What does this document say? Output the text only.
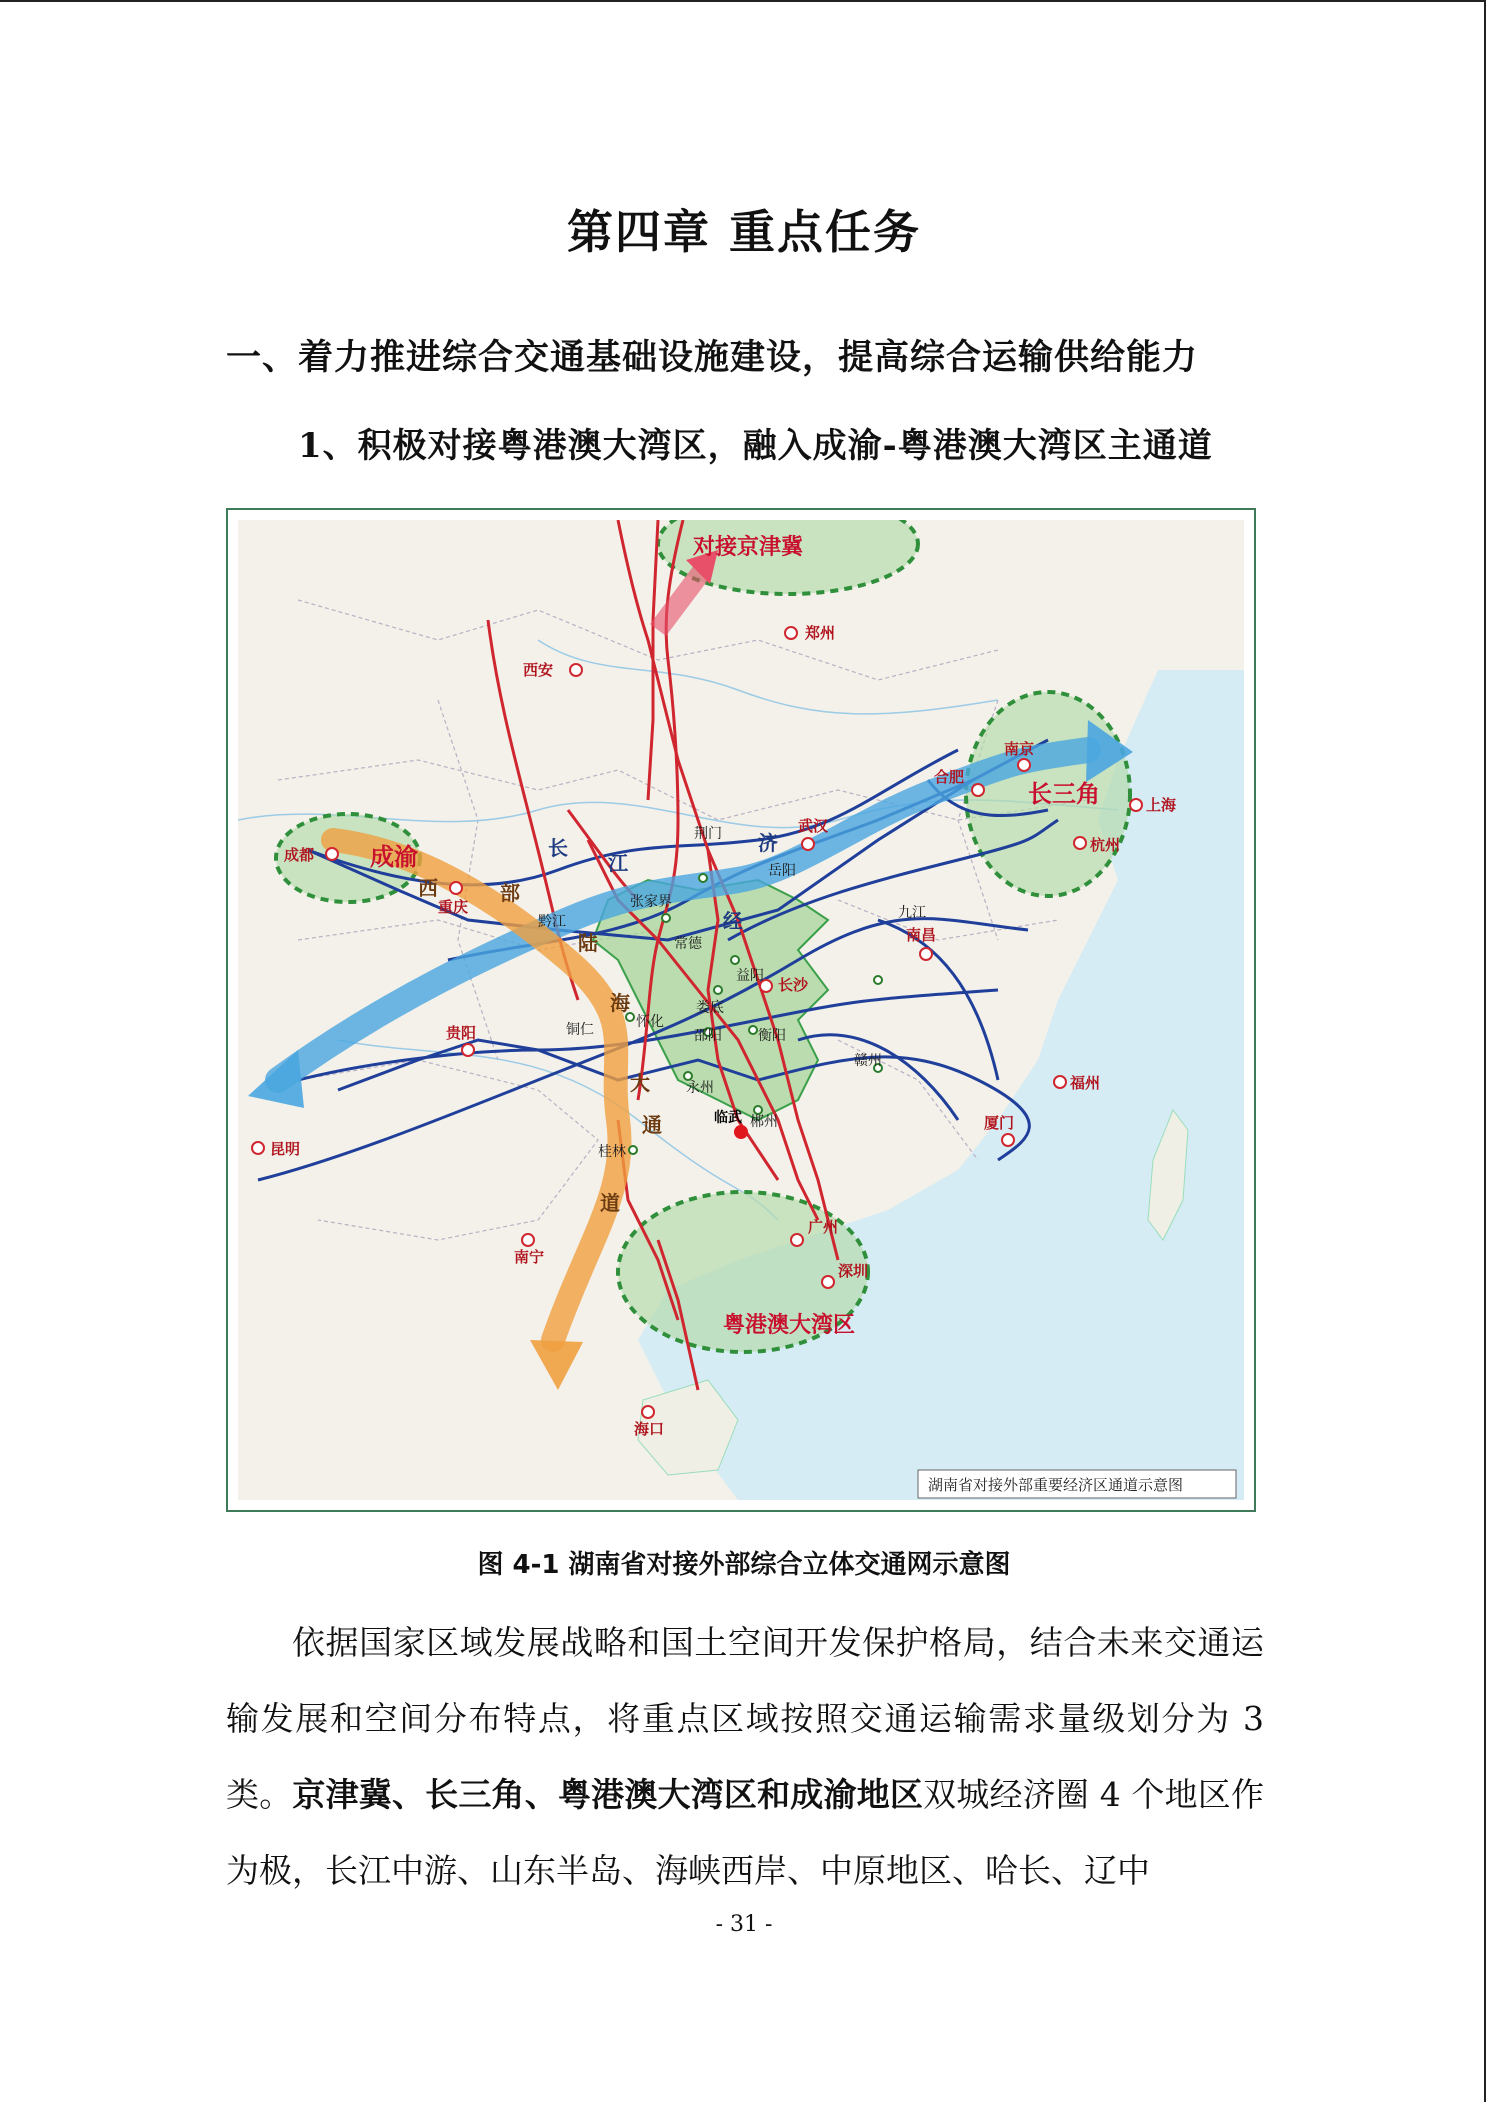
第四章 重点任务
一、着力推进综合交通基础设施建设，提高综合运输供给能力
1、积极对接粤港澳大湾区，融入成渝-粤港澳大湾区主通道
对接京津冀
长三角
成渝
粤港澳大湾区
长
江
经
济
西	部
陆
海
大
通
道
西安
郑州
南京
合肥
上海
杭州
武汉
成都
重庆
贵阳
昆明
南宁
海口
广州
深圳
福州
厦门
南昌
长沙
九江
赣州
桂林
荆门
岳阳
张家界
常德
益阳
娄底
怀化
邵阳	衡阳
永州
郴州
黔江
铜仁
临武
湖南省对接外部重要经济区通道示意图
图 4-1 湖南省对接外部综合立体交通网示意图

依据国家区域发展战略和国土空间开发保护格局，结合未来交通运输发展和空间分布特点，将重点区域按照交通运输需求量级划分为 3 类。京津冀、长三角、粤港澳大湾区和成渝地区双城经济圈 4 个地区作为极，长江中游、山东半岛、海峡西岸、中原地区、哈长、辽中

- 31 -
